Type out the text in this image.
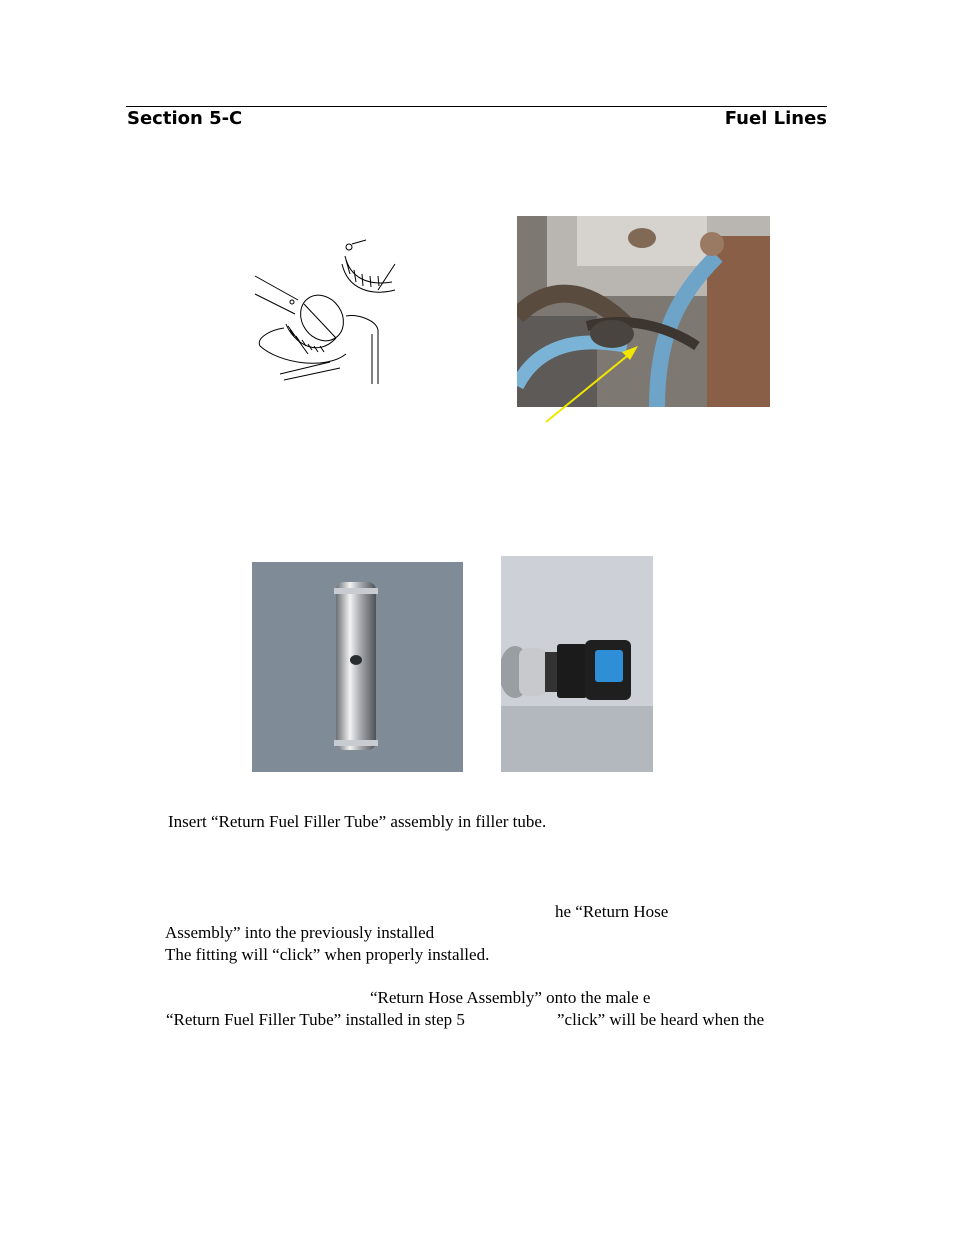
Section 5-C	Fuel Lines
Insert “Return Fuel Filler Tube” assembly in filler tube.
he “Return Hose
Assembly” into the previously installed
The fitting will “click” when properly installed.
“Return Hose Assembly” onto the male e
“Return Fuel Filler Tube” installed in step 5	”click” will be heard when the
